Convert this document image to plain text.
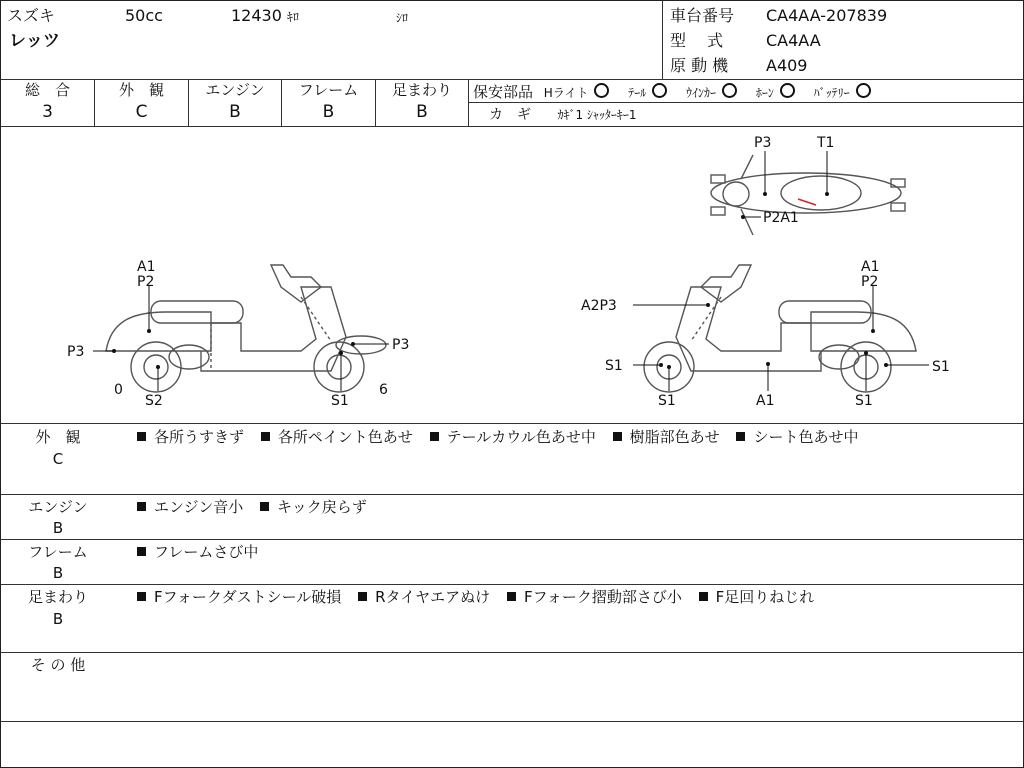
スズキ	50cc	12430 ｷﾛ	ｼﾛ
レッツ
車台番号 CA4AA-207839
型　 式	CA4AA
原 動 機 A409
総　合
3
外　観
C
エンジン
B
フレーム
B
足まわり
B
保安部品 Hライト	ﾃｰﾙ	ｳｲﾝｶｰ	ﾎｰﾝ	ﾊﾞｯﾃﾘｰ
カ　ギ ｶｷﾞ1 ｼｬｯﾀｰｷｰ1
P3	T1
P2A1
A1
P2
P3	P3
0
S2	S1
6
A1
P2
A2P3
S1	S1
S1	A1	S1
外　観
C
各所うすきず 各所ペイント色あせ テールカウル色あせ中 樹脂部色あせ シート色あせ中
エンジン
B
エンジン音小 キック戻らず
フレーム
B
フレームさび中
足まわり
B
Fフォークダストシール破損 Rタイヤエアぬけ Fフォーク摺動部さび小 F足回りねじれ
そ の 他
